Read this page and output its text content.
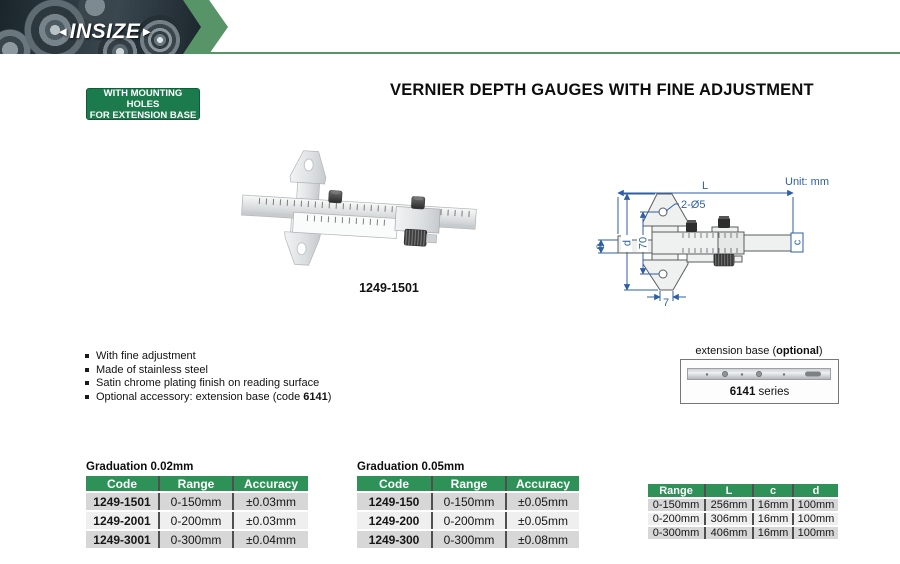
◄INSIZE►
WITH MOUNTING HOLES
FOR EXTENSION BASE
VERNIER DEPTH GAUGES WITH FINE ADJUSTMENT
1249-1501
Unit: mm
L
2-Ø5
d 70
8
c
7
With fine adjustment
Made of stainless steel
Satin chrome plating finish on reading surface
Optional accessory: extension base (code 6141)
extension base (optional)
6141 series
Graduation 0.02mm
Code	Range	Accuracy
1249-1501	0-150mm	±0.03mm
1249-2001	0-200mm	±0.03mm
1249-3001	0-300mm	±0.04mm
Graduation 0.05mm
Code	Range	Accuracy
1249-150	0-150mm	±0.05mm
1249-200	0-200mm	±0.05mm
1249-300	0-300mm	±0.08mm
Range	L	c	d
0-150mm	256mm	16mm	100mm
0-200mm	306mm	16mm	100mm
0-300mm	406mm	16mm	100mm
